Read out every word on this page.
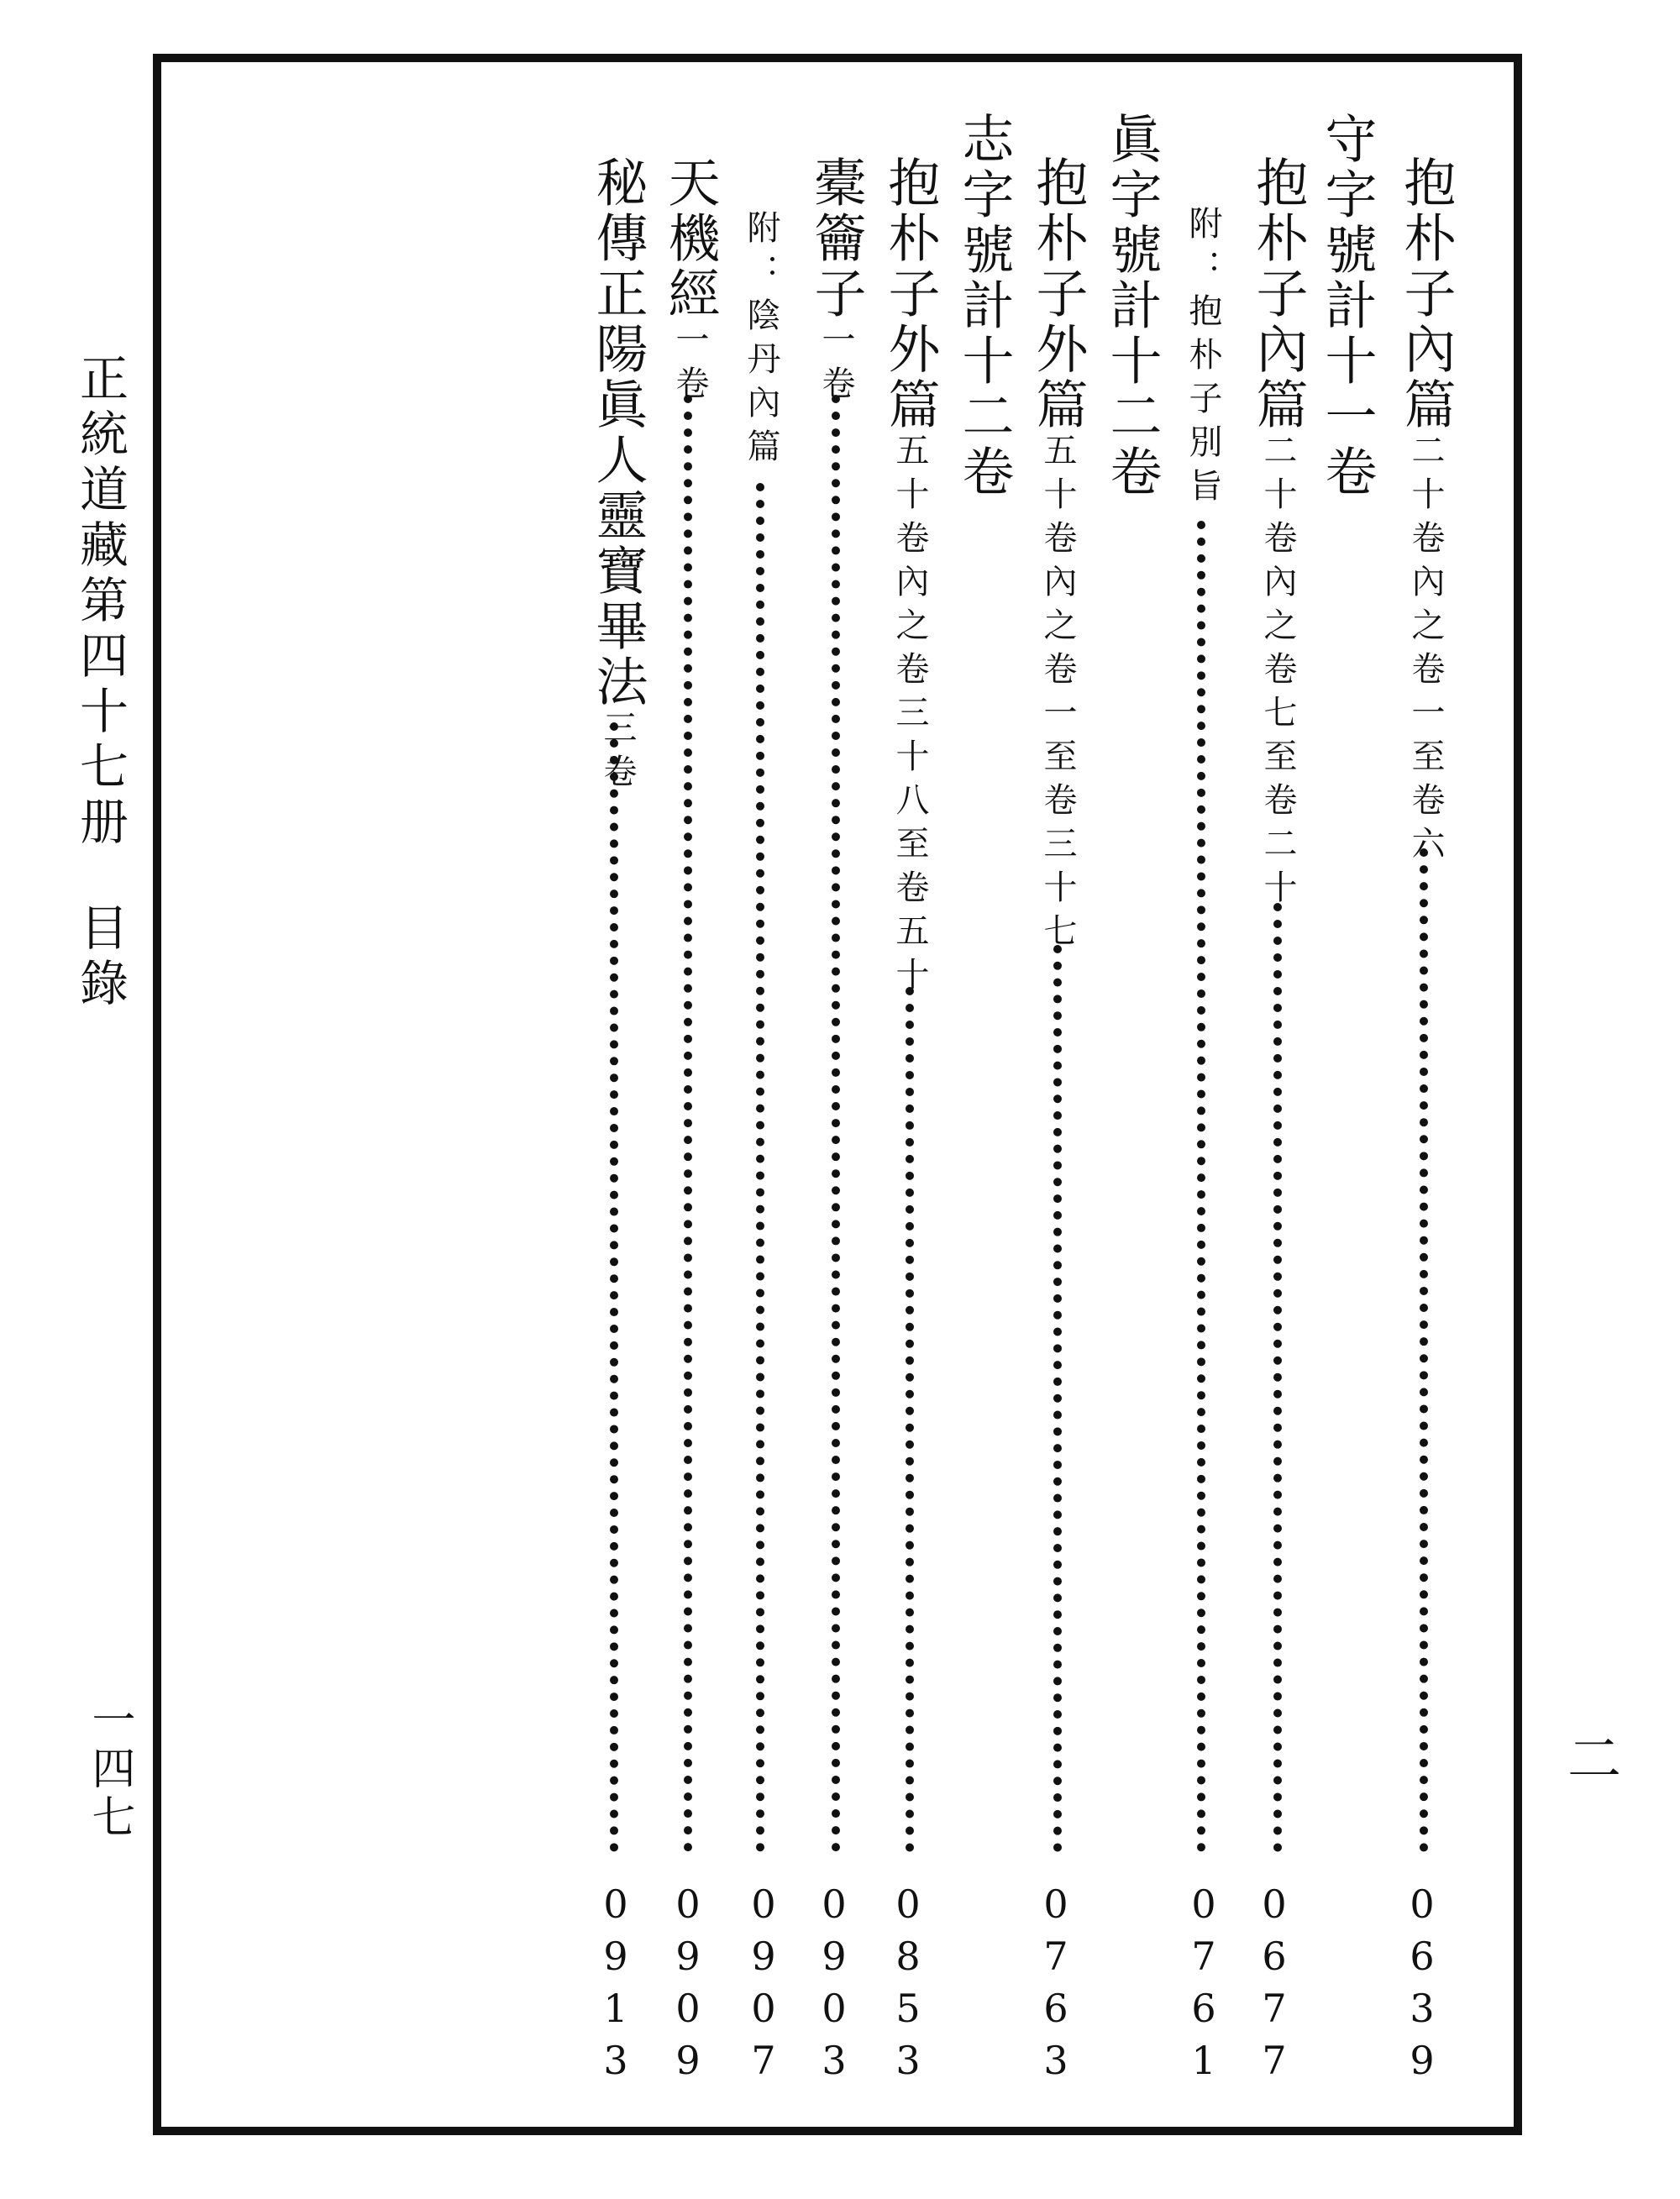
正統道藏第四十七册目錄
一四七	二
抱朴子內篇二十卷內之卷一至卷六
0639
守字號計十一卷
抱朴子內篇二十卷內之卷七至卷二十
0677
附：抱朴子別旨
0761
眞字號計十二卷
抱朴子外篇五十卷內之卷一至卷三十七
0763
志字號計十二卷
抱朴子外篇五十卷內之卷三十八至卷五十
0853
橐籥子一卷
0903
附：陰丹內篇
0907
天機經一卷
0909
秘傳正陽眞人靈寶畢法三卷
0913
